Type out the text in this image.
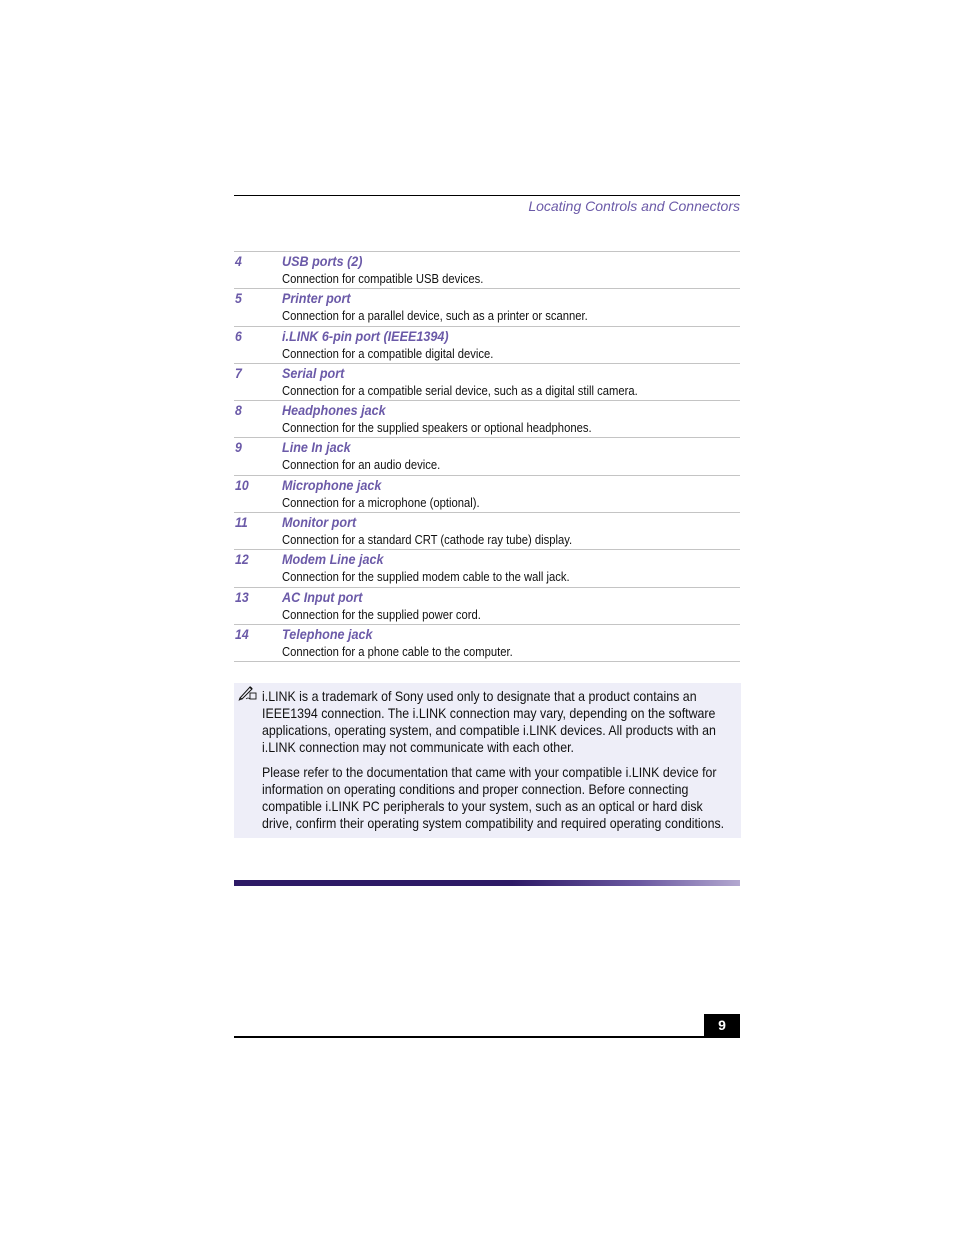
Locating Controls and Connectors
4	USB ports (2)
Connection for compatible USB devices.
5	Printer port
Connection for a parallel device, such as a printer or scanner.
6	i.LINK 6-pin port (IEEE1394)
Connection for a compatible digital device.
7	Serial port
Connection for a compatible serial device, such as a digital still camera.
8	Headphones jack
Connection for the supplied speakers or optional headphones.
9	Line In jack
Connection for an audio device.
10 Microphone jack
Connection for a microphone (optional).
11 Monitor port
Connection for a standard CRT (cathode ray tube) display.
12 Modem Line jack
Connection for the supplied modem cable to the wall jack.
13 AC Input port
Connection for the supplied power cord.
14 Telephone jack
Connection for a phone cable to the computer.
i.LINK is a trademark of Sony used only to designate that a product contains an IEEE1394 connection. The i.LINK connection may vary, depending on the software applications, operating system, and compatible i.LINK devices. All products with an i.LINK connection may not communicate with each other.
Please refer to the documentation that came with your compatible i.LINK device for information on operating conditions and proper connection. Before connecting compatible i.LINK PC peripherals to your system, such as an optical or hard disk drive, confirm their operating system compatibility and required operating conditions.
9
